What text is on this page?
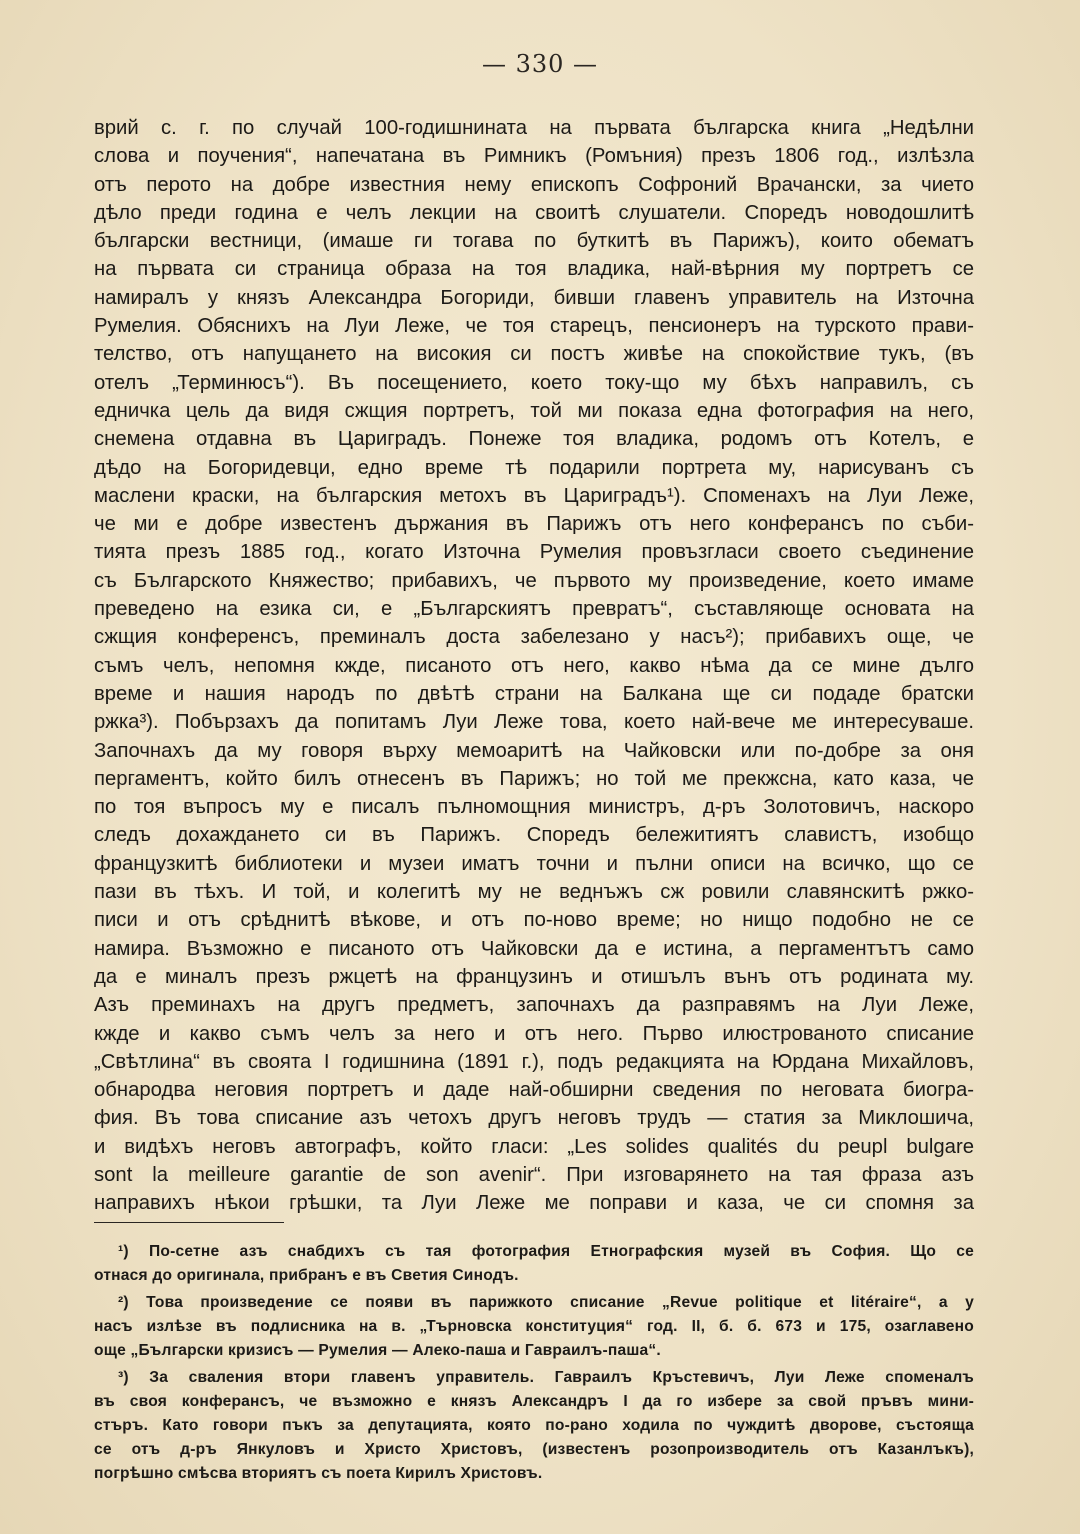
— 330 —
врий с. г. по случай 100-годишнината на първата българска книга „Недѣлни
слова и поучения“, напечатана въ Римникъ (Ромъния) презъ 1806 год., излѣзла
отъ перото на добре известния нему епископъ Софроний Врачански, за чието
дѣло преди година е челъ лекции на своитѣ слушатели. Споредъ новодошлитѣ
български вестници, (имаше ги тогава по буткитѣ въ Парижъ), които обематъ
на първата си страница образа на тоя владика, най-вѣрния му портретъ се
намиралъ у князъ Александра Богориди, бивши главенъ управитель на Източна
Румелия. Обяснихъ на Луи Леже, че тоя старецъ, пенсионеръ на турското прави-
телство, отъ напущането на високия си постъ живѣе на спокойствие тукъ, (въ
отелъ „Терминюсъ“). Въ посещението, което току-що му бѣхъ направилъ, съ
едничка цель да видя сжщия портретъ, той ми показа една фотография на него,
снемена отдавна въ Цариградъ. Понеже тоя владика, родомъ отъ Котелъ, е
дѣдо на Богоридевци, едно време тѣ подарили портрета му, нарисуванъ съ
маслени краски, на българския метохъ въ Цариградъ¹). Споменахъ на Луи Леже,
че ми е добре известенъ държания въ Парижъ отъ него конферансъ по съби-
тията презъ 1885 год., когато Източна Румелия провъзгласи своето съединение
съ Българското Княжество; прибавихъ, че първото му произведение, което имаме
преведено на езика си, е „Българскиятъ превратъ“, съставляюще основата на
сжщия конференсъ, преминалъ доста забелезано у насъ²); прибавихъ още, че
съмъ челъ, непомня кжде, писаното отъ него, какво нѣма да се мине дълго
време и нашия народъ по двѣтѣ страни на Балкана ще си подаде братски
ржка³). Побързахъ да попитамъ Луи Леже това, което най-вече ме интересуваше.
Започнахъ да му говоря върху мемоаритѣ на Чайковски или по-добре за оня
пергаментъ, който билъ отнесенъ въ Парижъ; но той ме прекжсна, като каза, че
по тоя въпросъ му е писалъ пълномощния министръ, д-ръ Золотовичъ, наскоро
следъ дохаждането си въ Парижъ. Споредъ бележитиятъ славистъ, изобщо
французкитѣ библиотеки и музеи иматъ точни и пълни описи на всичко, що се
пази въ тѣхъ. И той, и колегитѣ му не веднъжъ сж ровили славянскитѣ ржко-
писи и отъ срѣднитѣ вѣкове, и отъ по-ново време; но нищо подобно не се
намира. Възможно е писаното отъ Чайковски да е истина, а пергаментътъ само
да е миналъ презъ ржцетѣ на французинъ и отишълъ вънъ отъ родината му.
Азъ преминахъ на другъ предметъ, започнахъ да разправямъ на Луи Леже,
кжде и какво съмъ челъ за него и отъ него. Първо илюстрованото списание
„Свѣтлина“ въ своята I годишнина (1891 г.), подъ редакцията на Юрдана Михайловъ,
обнародва неговия портретъ и даде най-обширни сведения по неговата биогра-
фия. Въ това списание азъ четохъ другъ неговъ трудъ — статия за Миклошича,
и видѣхъ неговъ автографъ, който гласи: „Les solides qualités du peupl bulgare
sont la meilleure garantie de son avenir“. При изговарянето на тая фраза азъ
направихъ нѣкои грѣшки, та Луи Леже ме поправи и каза, че си спомня за
¹) По-сетне азъ снабдихъ съ тая фотография Етнографския музей въ София. Що се
отнася до оригинала, прибранъ е въ Светия Синодъ.
²) Това произведение се появи въ парижкото списание „Revue politique et litéraire“, а у
насъ излѣзе въ подлисника на в. „Търновска конституция“ год. II, б. б. 673 и 175, озаглавено
още „Български кризисъ — Румелия — Алеко-паша и Гавраилъ-паша“.
³) За сваления втори главенъ управитель. Гавраилъ Кръстевичъ, Луи Леже споменалъ
въ своя конферансъ, че възможно е князъ Александръ I да го избере за свой пръвъ мини-
стъръ. Като говори пъкъ за депутацията, която по-рано ходила по чуждитѣ дворове, състояща
се отъ д-ръ Янкуловъ и Христо Христовъ, (известенъ розопроизводитель отъ Казанлъкъ),
погрѣшно смѣсва вториятъ съ поета Кирилъ Христовъ.
